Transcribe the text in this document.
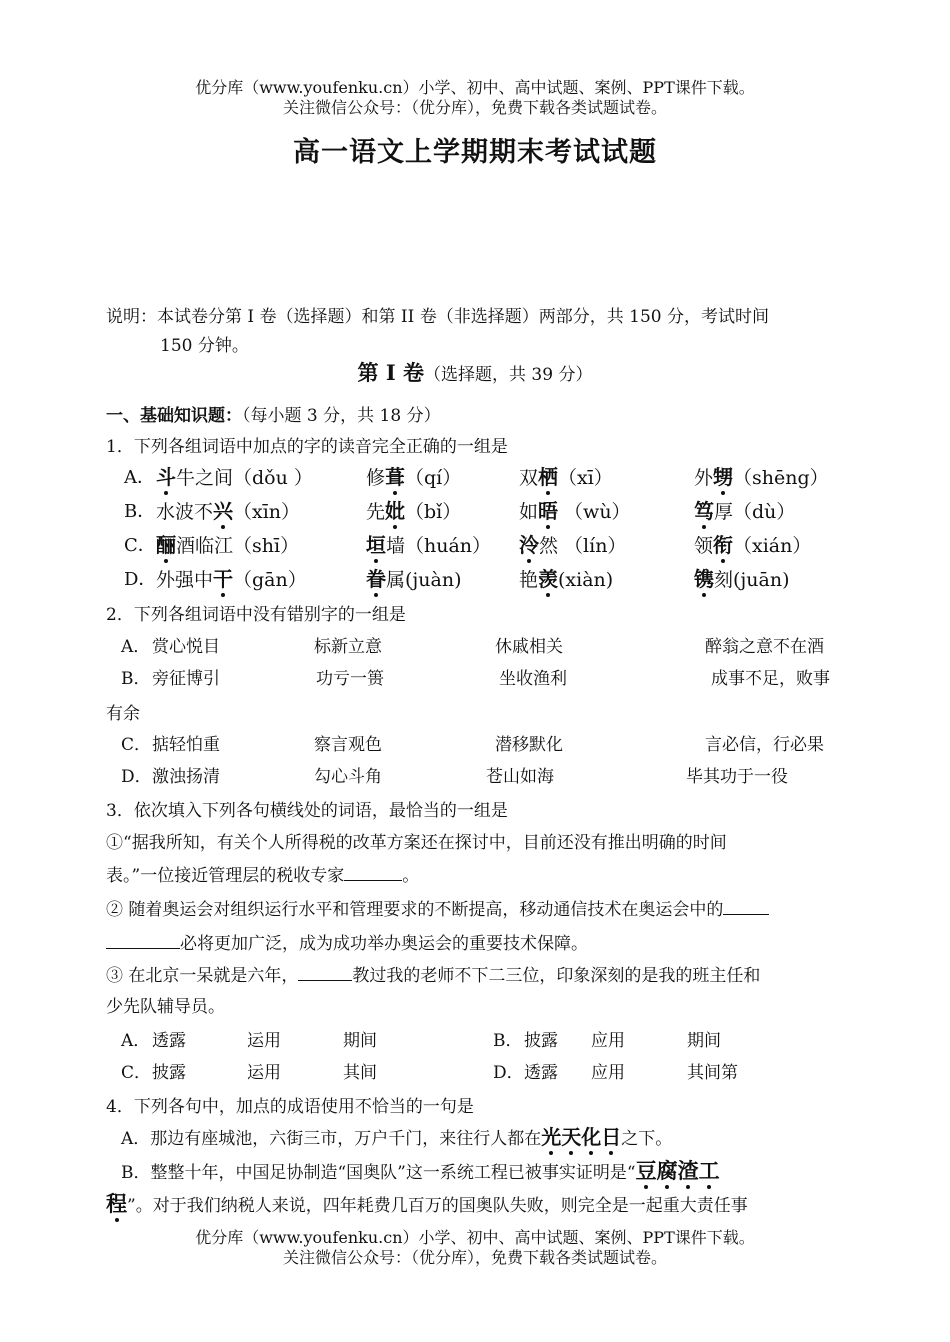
优分库（www.youfenku.cn）小学、初中、高中试题、案例、PPT课件下载。
关注微信公众号：（优分库），免费下载各类试题试卷。
高一语文上学期期末考试试题
说明：本试卷分第 I 卷（选择题）和第 II 卷（非选择题）两部分，共 150 分，考试时间
150 分钟。
第 I 卷（选择题，共 39 分）
一、基础知识题：（每小题 3 分，共 18 分）
1．下列各组词语中加点的字的读音完全正确的一组是
A． 斗牛之间（dǒu ）	修葺（qí）	双栖（xī）	外甥（shēng）
B． 水波不兴（xīn）	先妣（bǐ）	如晤 （wù）	笃厚（dù）
C． 酾酒临江（shī）	垣墙（huán） 泠然 （lín）	领衔（xián）
D． 外强中干（gān）	眷属(juàn)	艳羡(xiàn)	镌刻(juān)
2．下列各组词语中没有错别字的一组是
A． 赏心悦目	标新立意	休戚相关	醉翁之意不在酒
B． 旁征博引	功亏一篑	坐收渔利	成事不足，败事
C． 掂轻怕重	察言观色	潜移默化	言必信，行必果
D． 激浊扬清	勾心斗角	苍山如海	毕其功于一役
有余
3．依次填入下列各句横线处的词语，最恰当的一组是
①“据我所知，有关个人所得税的改革方案还在探讨中，目前还没有推出明确的时间
表。”一位接近管理层的税收专家	。
② 随着奥运会对组织运行水平和管理要求的不断提高，移动通信技术在奥运会中的
必将更加广泛，成为成功举办奥运会的重要技术保障。
③ 在北京一呆就是六年，	教过我的老师不下二三位，印象深刻的是我的班主任和
少先队辅导员。
A． 透露	运用	期间	B． 披露 应用	期间
C． 披露	运用	其间	D． 透露 应用	其间第
4．下列各句中，加点的成语使用不恰当的一句是
A．那边有座城池，六街三市，万户千门，来往行人都在光天化日之下。
B．整整十年，中国足协制造“国奥队”这一系统工程已被事实证明是“豆腐渣工
程”。对于我们纳税人来说，四年耗费几百万的国奥队失败，则完全是一起重大责任事
优分库（www.youfenku.cn）小学、初中、高中试题、案例、PPT课件下载。
关注微信公众号：（优分库），免费下载各类试题试卷。
